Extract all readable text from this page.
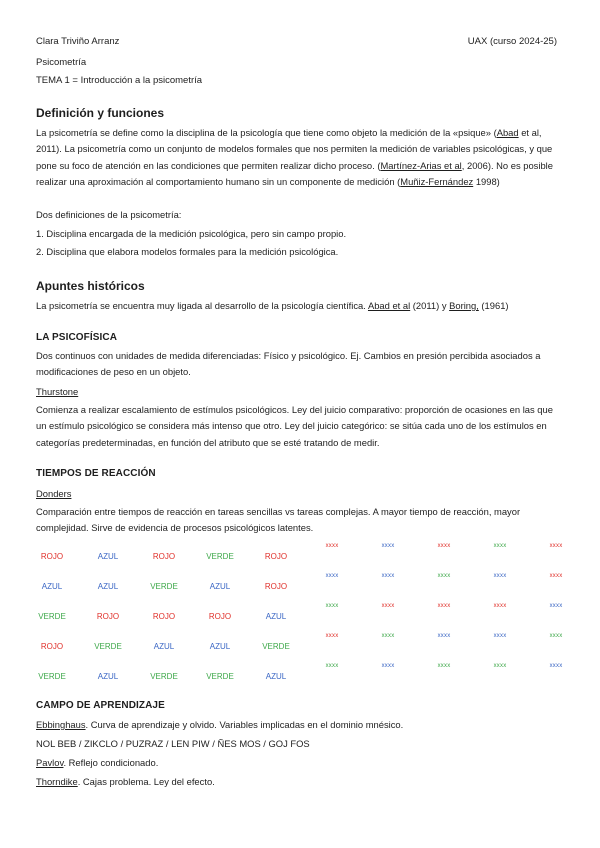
Clara Triviño Arranz	UAX (curso 2024-25)
Psicometría
TEMA 1 = Introducción a la psicometría
Definición y funciones

La psicometría se define como la disciplina de la psicología que tiene como objeto la medición de la «psique» (Abad et al, 2011). La psicometría como un conjunto de modelos formales que nos permiten la medición de variables psicológicas, y que pone su foco de atención en las condiciones que permiten realizar dicho proceso. (Martínez-Arias et al, 2006). No es posible realizar una aproximación al comportamiento humano sin un componente de medición (Muñiz-Fernández 1998)

Dos definiciones de la psicometría:

1. Disciplina encargada de la medición psicológica, pero sin campo propio.

2. Disciplina que elabora modelos formales para la medición psicológica.

Apuntes históricos

La psicometría se encuentra muy ligada al desarrollo de la psicología científica. Abad et al (2011) y Boring, (1961)

LA PSICOFÍSICA

Dos continuos con unidades de medida diferenciadas: Físico y psicológico. Ej. Cambios en presión percibida asociados a modificaciones de peso en un objeto.

Thurstone

Comienza a realizar escalamiento de estímulos psicológicos. Ley del juicio comparativo: proporción de ocasiones en las que un estímulo psicológico se considera más intenso que otro. Ley del juicio categórico: se sitúa cada uno de los estímulos en categorías predeterminadas, en función del atributo que se esté tratando de medir.

TIEMPOS DE REACCIÓN
Donders

Comparación entre tiempos de reacción en tareas sencillas vs tareas complejas. A mayor tiempo de reacción, mayor complejidad. Sirve de evidencia de procesos psicológicos latentes.

ROJO	AZUL	ROJO	VERDE	ROJO	xxxx	xxxx	xxxx	xxxx	xxxx
AZUL	AZUL	VERDE	AZUL	ROJO	xxxx	xxxx	xxxx	xxxx	xxxx
VERDE	ROJO	ROJO	ROJO	AZUL	xxxx	xxxx	xxxx	xxxx	xxxx
ROJO	VERDE	AZUL	AZUL	VERDE	xxxx	xxxx	xxxx	xxxx	xxxx
VERDE	AZUL	VERDE	VERDE	AZUL	xxxx	xxxx	xxxx	xxxx	xxxx
CAMPO DE APRENDIZAJE

Ebbinghaus. Curva de aprendizaje y olvido. Variables implicadas en el dominio mnésico.

NOL BEB / ZIKCLO / PUZRAZ / LEN PIW / ÑES MOS / GOJ FOS

Pavlov. Reflejo condicionado.

Thorndike. Cajas problema. Ley del efecto.
